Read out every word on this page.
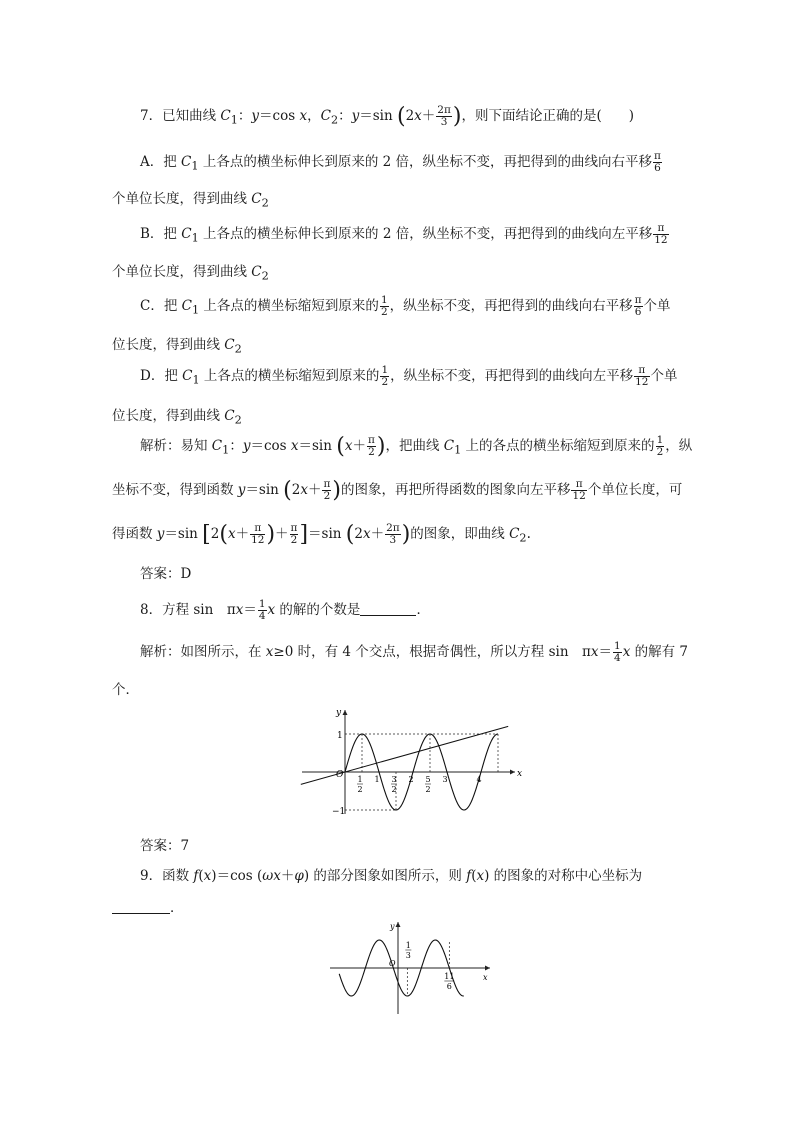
7．已知曲线 $C_1$：y＝cos x，$C_2$：y＝sin ($2x+ \frac{2\pi}{3}$ )，则下面结论正确的是(　　)
A．把 $C_1$ 上各点的横坐标伸长到原来的 2 倍，纵坐标不变，再把得到的曲线向右平移 $\frac{\pi}{6}$
个单位长度，得到曲线 $C_2$
B．把 $C_1$ 上各点的横坐标伸长到原来的 2 倍，纵坐标不变，再把得到的曲线向左平移 $\frac{\pi}{12}$
个单位长度，得到曲线 $C_2$
C．把 $C_1$ 上各点的横坐标缩短到原来的 $\frac{1}{2}$ ，纵坐标不变，再把得到的曲线向右平移 $\frac{\pi}{6}$ 个单
位长度，得到曲线 $C_2$
D．把 $C_1$ 上各点的横坐标缩短到原来的 $\frac{1}{2}$ ，纵坐标不变，再把得到的曲线向左平移 $\frac{\pi}{12}$ 个单
位长度，得到曲线 $C_2$
解析：易知 $C_1$：y＝cos x＝sin ($x+ \frac{\pi}{2}$ )，把曲线 $C_1$ 上的各点的横坐标缩短到原来的 $\frac{1}{2}$ ，纵
坐标不变，得到函数 y＝sin ($2x+ \frac{\pi}{2}$ )的图象，再把所得函数的图象向左平移 $\frac{\pi}{12}$ 个单位长度，可
得函数 y＝sin [$2(x+ \frac{\pi}{12}$ )＋ $\frac{\pi}{2} ]=\sin$ ($2x+ \frac{2\pi}{3}$ )的图象，即曲线 $C_2$.
答案：D
8．方程 sin　$\pi x= \frac{1}{4}$ x 的解的个数是	．
解析：如图所示，在 x≥0 时，有 4 个交点，根据奇偶性，所以方程 sin　$\pi x= \frac{1}{4}$ x 的解有 7
个．
x
y
O
1
−1
1
2
1 3
2
2 5
2
3	4
答案：7
9．函数 f(x)＝cos (ωx＋φ) 的部分图象如图所示，则 f(x) 的图象的对称中心坐标为
．
x
y
O
1
3
11
6
